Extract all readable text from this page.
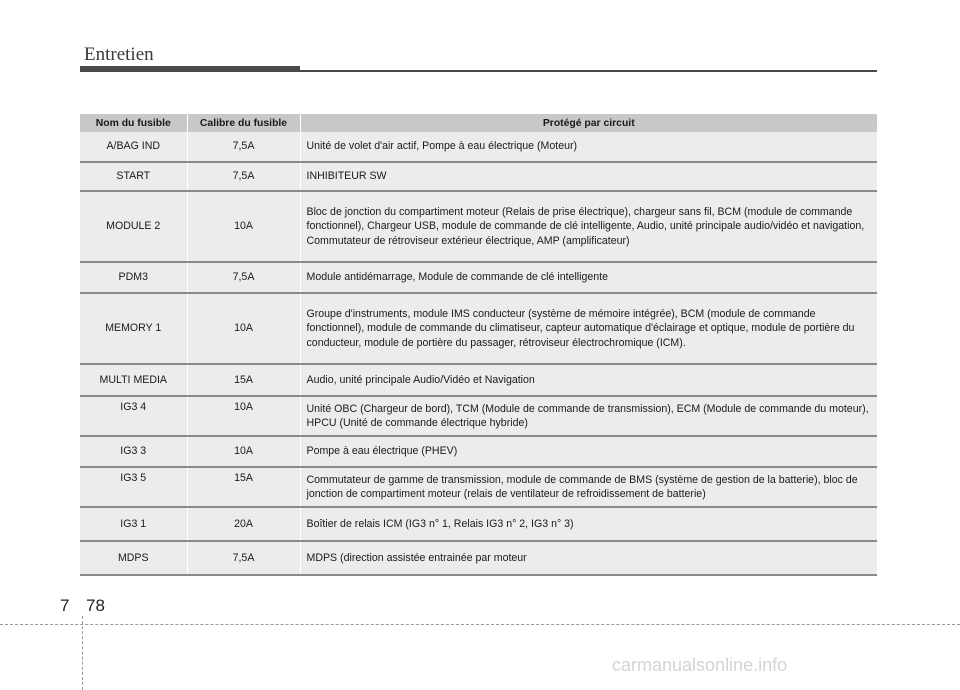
Entretien
Nom du fusible	Calibre du fusible	Protégé par circuit
A/BAG IND	7,5A	Unité de volet d'air actif, Pompe à eau électrique (Moteur)
START	7,5A	INHIBITEUR SW
MODULE 2	10A	Bloc de jonction du compartiment moteur (Relais de prise électrique), chargeur sans fil, BCM (module de commande fonctionnel), Chargeur USB, module de commande de clé intelligente, Audio, unité principale audio/vidéo et navigation, Commutateur de rétroviseur extérieur électrique, AMP (amplificateur)
PDM3	7,5A	Module antidémarrage, Module de commande de clé intelligente
MEMORY 1	10A	Groupe d'instruments, module IMS conducteur (système de mémoire intégrée), BCM (module de commande fonctionnel), module de commande du climatiseur, capteur automatique d'éclairage et optique, module de portière du conducteur, module de portière du passager, rétroviseur électrochromique (ICM).
MULTI MEDIA	15A	Audio, unité principale Audio/Vidéo et Navigation
IG3 4	10A	Unité OBC (Chargeur de bord), TCM (Module de commande de transmission), ECM (Module de commande du moteur), HPCU (Unité de commande électrique hybride)
IG3 3	10A	Pompe à eau électrique (PHEV)
IG3 5	15A	Commutateur de gamme de transmission, module de commande de BMS (système de gestion de la batterie), bloc de jonction de compartiment moteur (relais de ventilateur de refroidissement de batterie)
IG3 1	20A	Boîtier de relais ICM (IG3 n° 1, Relais IG3 n° 2, IG3 n° 3)
MDPS	7,5A	MDPS (direction assistée entrainée par moteur
7 78
carmanualsonline.info
